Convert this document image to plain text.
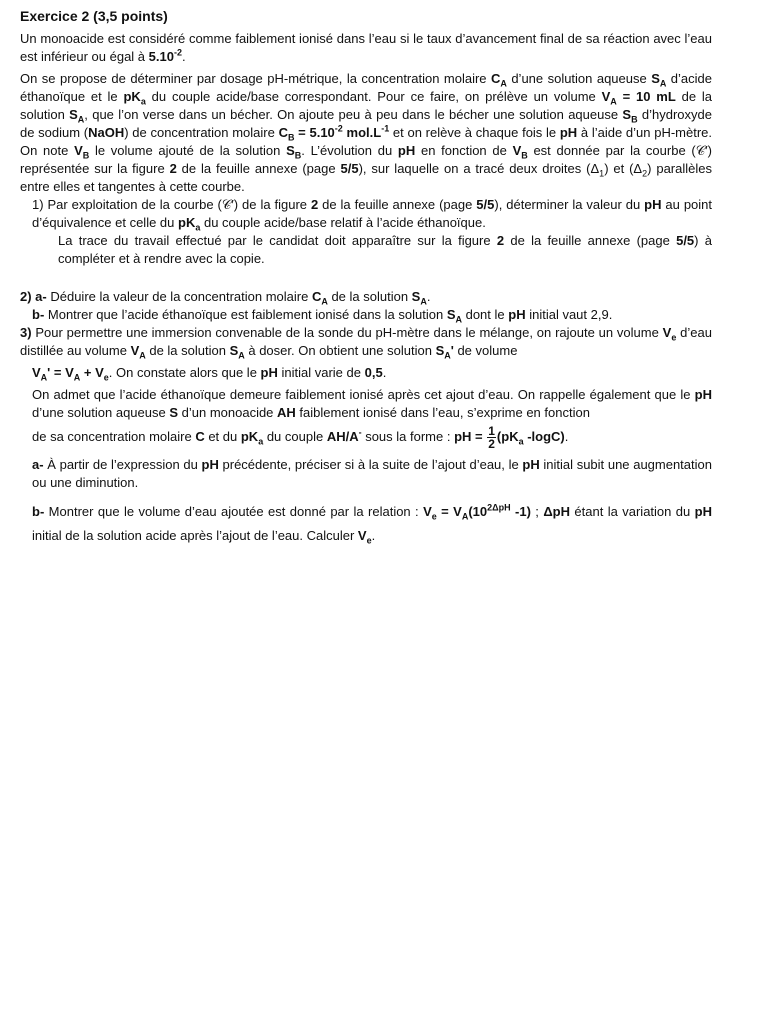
Exercice 2 (3,5 points)

Un monoacide est considéré comme faiblement ionisé dans l’eau si le taux d’avancement final de sa réaction avec l’eau est inférieur ou égal à $5.10^{-2}$.

On se propose de déterminer par dosage pH-métrique, la concentration molaire $C_A$ d’une solution aqueuse $S_A$ d’acide éthanoïque et le $pK_a$ du couple acide/base correspondant. Pour ce faire, on prélève un volume $V_A = 10$ mL de la solution $S_A$, que l’on verse dans un bécher. On ajoute peu à peu dans le bécher une solution aqueuse $S_B$ d’hydroxyde de sodium (NaOH) de concentration molaire $C_B = 5.10^{-2}$ $mol.L^{-1}$ et on relève à chaque fois le pH à l’aide d’un pH-mètre. On note $V_B$ le volume ajouté de la solution $S_B$. L’évolution du pH en fonction de $V_B$ est donnée par la courbe (𝒞′) représentée sur la figure 2 de la feuille annexe (page 5/5), sur laquelle on a tracé deux droites $(\Delta_1)$ et $(\Delta_2)$ parallèles entre elles et tangentes à cette courbe.

1) Par exploitation de la courbe (𝒞′) de la figure 2 de la feuille annexe (page 5/5), déterminer la valeur du pH au point d’équivalence et celle du $pK_a$ du couple acide/base relatif à l’acide éthanoïque.

La trace du travail effectué par le candidat doit apparaître sur la figure 2 de la feuille annexe (page 5/5) à compléter et à rendre avec la copie.

2) a- Déduire la valeur de la concentration molaire $C_A$ de la solution $S_A$.

b- Montrer que l’acide éthanoïque est faiblement ionisé dans la solution $S_A$ dont le pH initial vaut 2,9.

3) Pour permettre une immersion convenable de la sonde du pH-mètre dans le mélange, on rajoute un volume $V_e$ d’eau distillée au volume $V_A$ de la solution $S_A$ à doser. On obtient une solution $S_A'$ de volume

$V_A' = V_A + V_e$. On constate alors que le pH initial varie de 0,5.

On admet que l’acide éthanoïque demeure faiblement ionisé après cet ajout d’eau. On rappelle également que le pH d’une solution aqueuse S d’un monoacide AH faiblement ionisé dans l’eau, s’exprime en fonction

de sa concentration molaire C et du $pK_a$ du couple AH/A- sous la forme : pH = $\frac{1}{2} (pK_a$ -logC).

a- À partir de l’expression du pH précédente, préciser si à la suite de l’ajout d’eau, le pH initial subit une augmentation ou une diminution.

b- Montrer que le volume d’eau ajoutée est donné par la relation : $V_e = V_A(10^{2\Delta pH}$ -1) ; ΔpH étant la variation du pH initial de la solution acide après l’ajout de l’eau. Calculer $V_e$.
